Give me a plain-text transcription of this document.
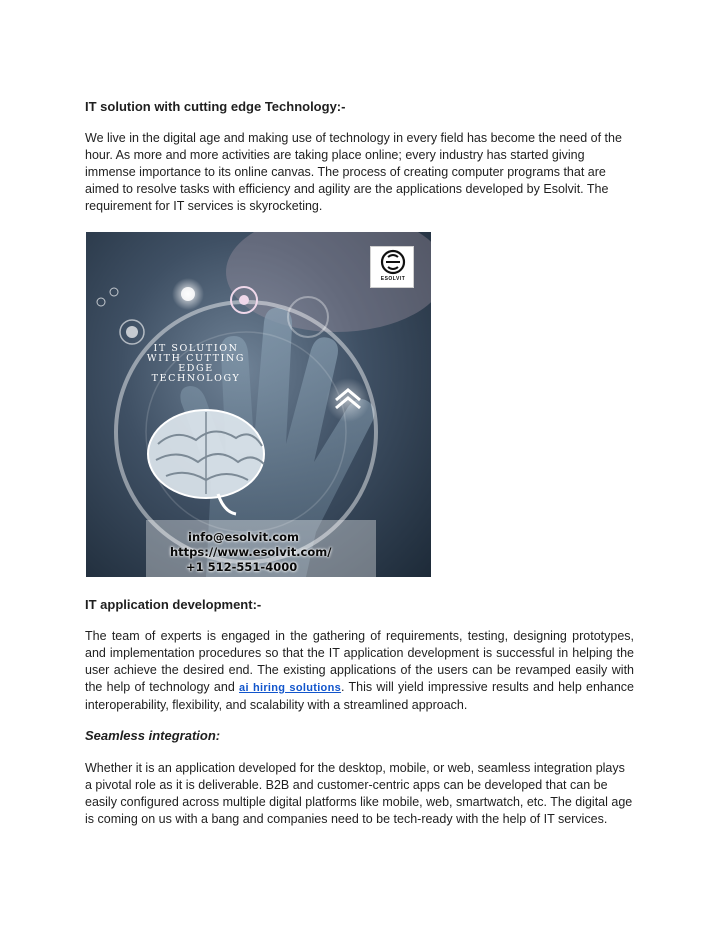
IT solution with cutting edge Technology:-
We live in the digital age and making use of technology in every field has become the need of the hour. As more and more activities are taking place online; every industry has started giving immense importance to its online canvas. The process of creating computer programs that are aimed to resolve tasks with efficiency and agility are the applications developed by Esolvit. The requirement for IT services is skyrocketing.
IT SOLUTION
WITH CUTTING
EDGE
TECHNOLOGY
ESOLVIT
info@esolvit.com
https://www.esolvit.com/
+1 512-551-4000
IT application development:-
The team of experts is engaged in the gathering of requirements, testing, designing prototypes, and implementation procedures so that the IT application development is successful in helping the user achieve the desired end. The existing applications of the users can be revamped easily with the help of technology and ai hiring solutions. This will yield impressive results and help enhance interoperability, flexibility, and scalability with a streamlined approach.
Seamless integration:
Whether it is an application developed for the desktop, mobile, or web, seamless integration plays a pivotal role as it is deliverable. B2B and customer-centric apps can be developed that can be easily configured across multiple digital platforms like mobile, web, smartwatch, etc. The digital age is coming on us with a bang and companies need to be tech-ready with the help of IT services.
